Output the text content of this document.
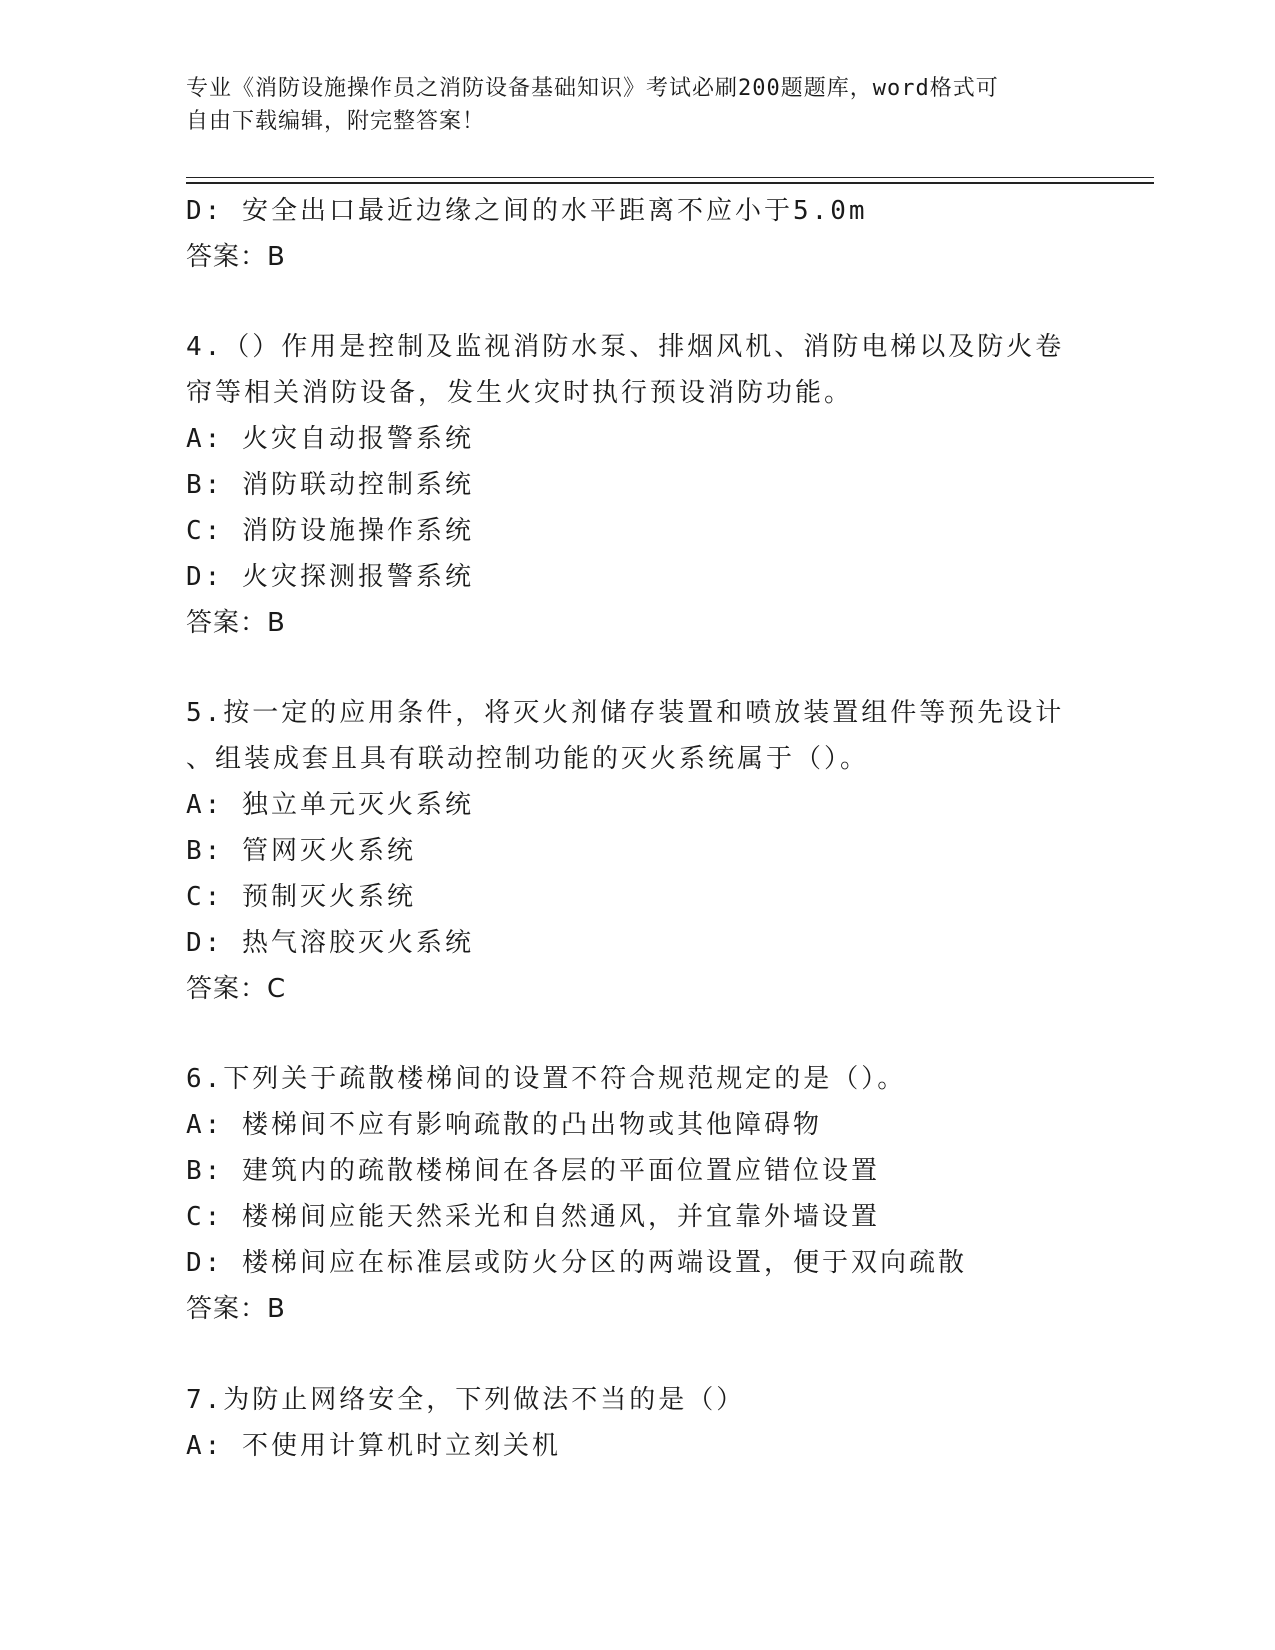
专业《消防设施操作员之消防设备基础知识》考试必刷200题题库，word格式可
自由下载编辑，附完整答案！
D: 安全出口最近边缘之间的水平距离不应小于5.0m
答案：B
4.（）作用是控制及监视消防水泵、排烟风机、消防电梯以及防火卷
帘等相关消防设备，发生火灾时执行预设消防功能。
A: 火灾自动报警系统
B: 消防联动控制系统
C: 消防设施操作系统
D: 火灾探测报警系统
答案：B
5.按一定的应用条件，将灭火剂储存装置和喷放装置组件等预先设计
、组装成套且具有联动控制功能的灭火系统属于（）。
A: 独立单元灭火系统
B: 管网灭火系统
C: 预制灭火系统
D: 热气溶胶灭火系统
答案：C
6.下列关于疏散楼梯间的设置不符合规范规定的是（）。
A: 楼梯间不应有影响疏散的凸出物或其他障碍物
B: 建筑内的疏散楼梯间在各层的平面位置应错位设置
C: 楼梯间应能天然采光和自然通风，并宜靠外墙设置
D: 楼梯间应在标准层或防火分区的两端设置，便于双向疏散
答案：B
7.为防止网络安全，下列做法不当的是（）
A: 不使用计算机时立刻关机
